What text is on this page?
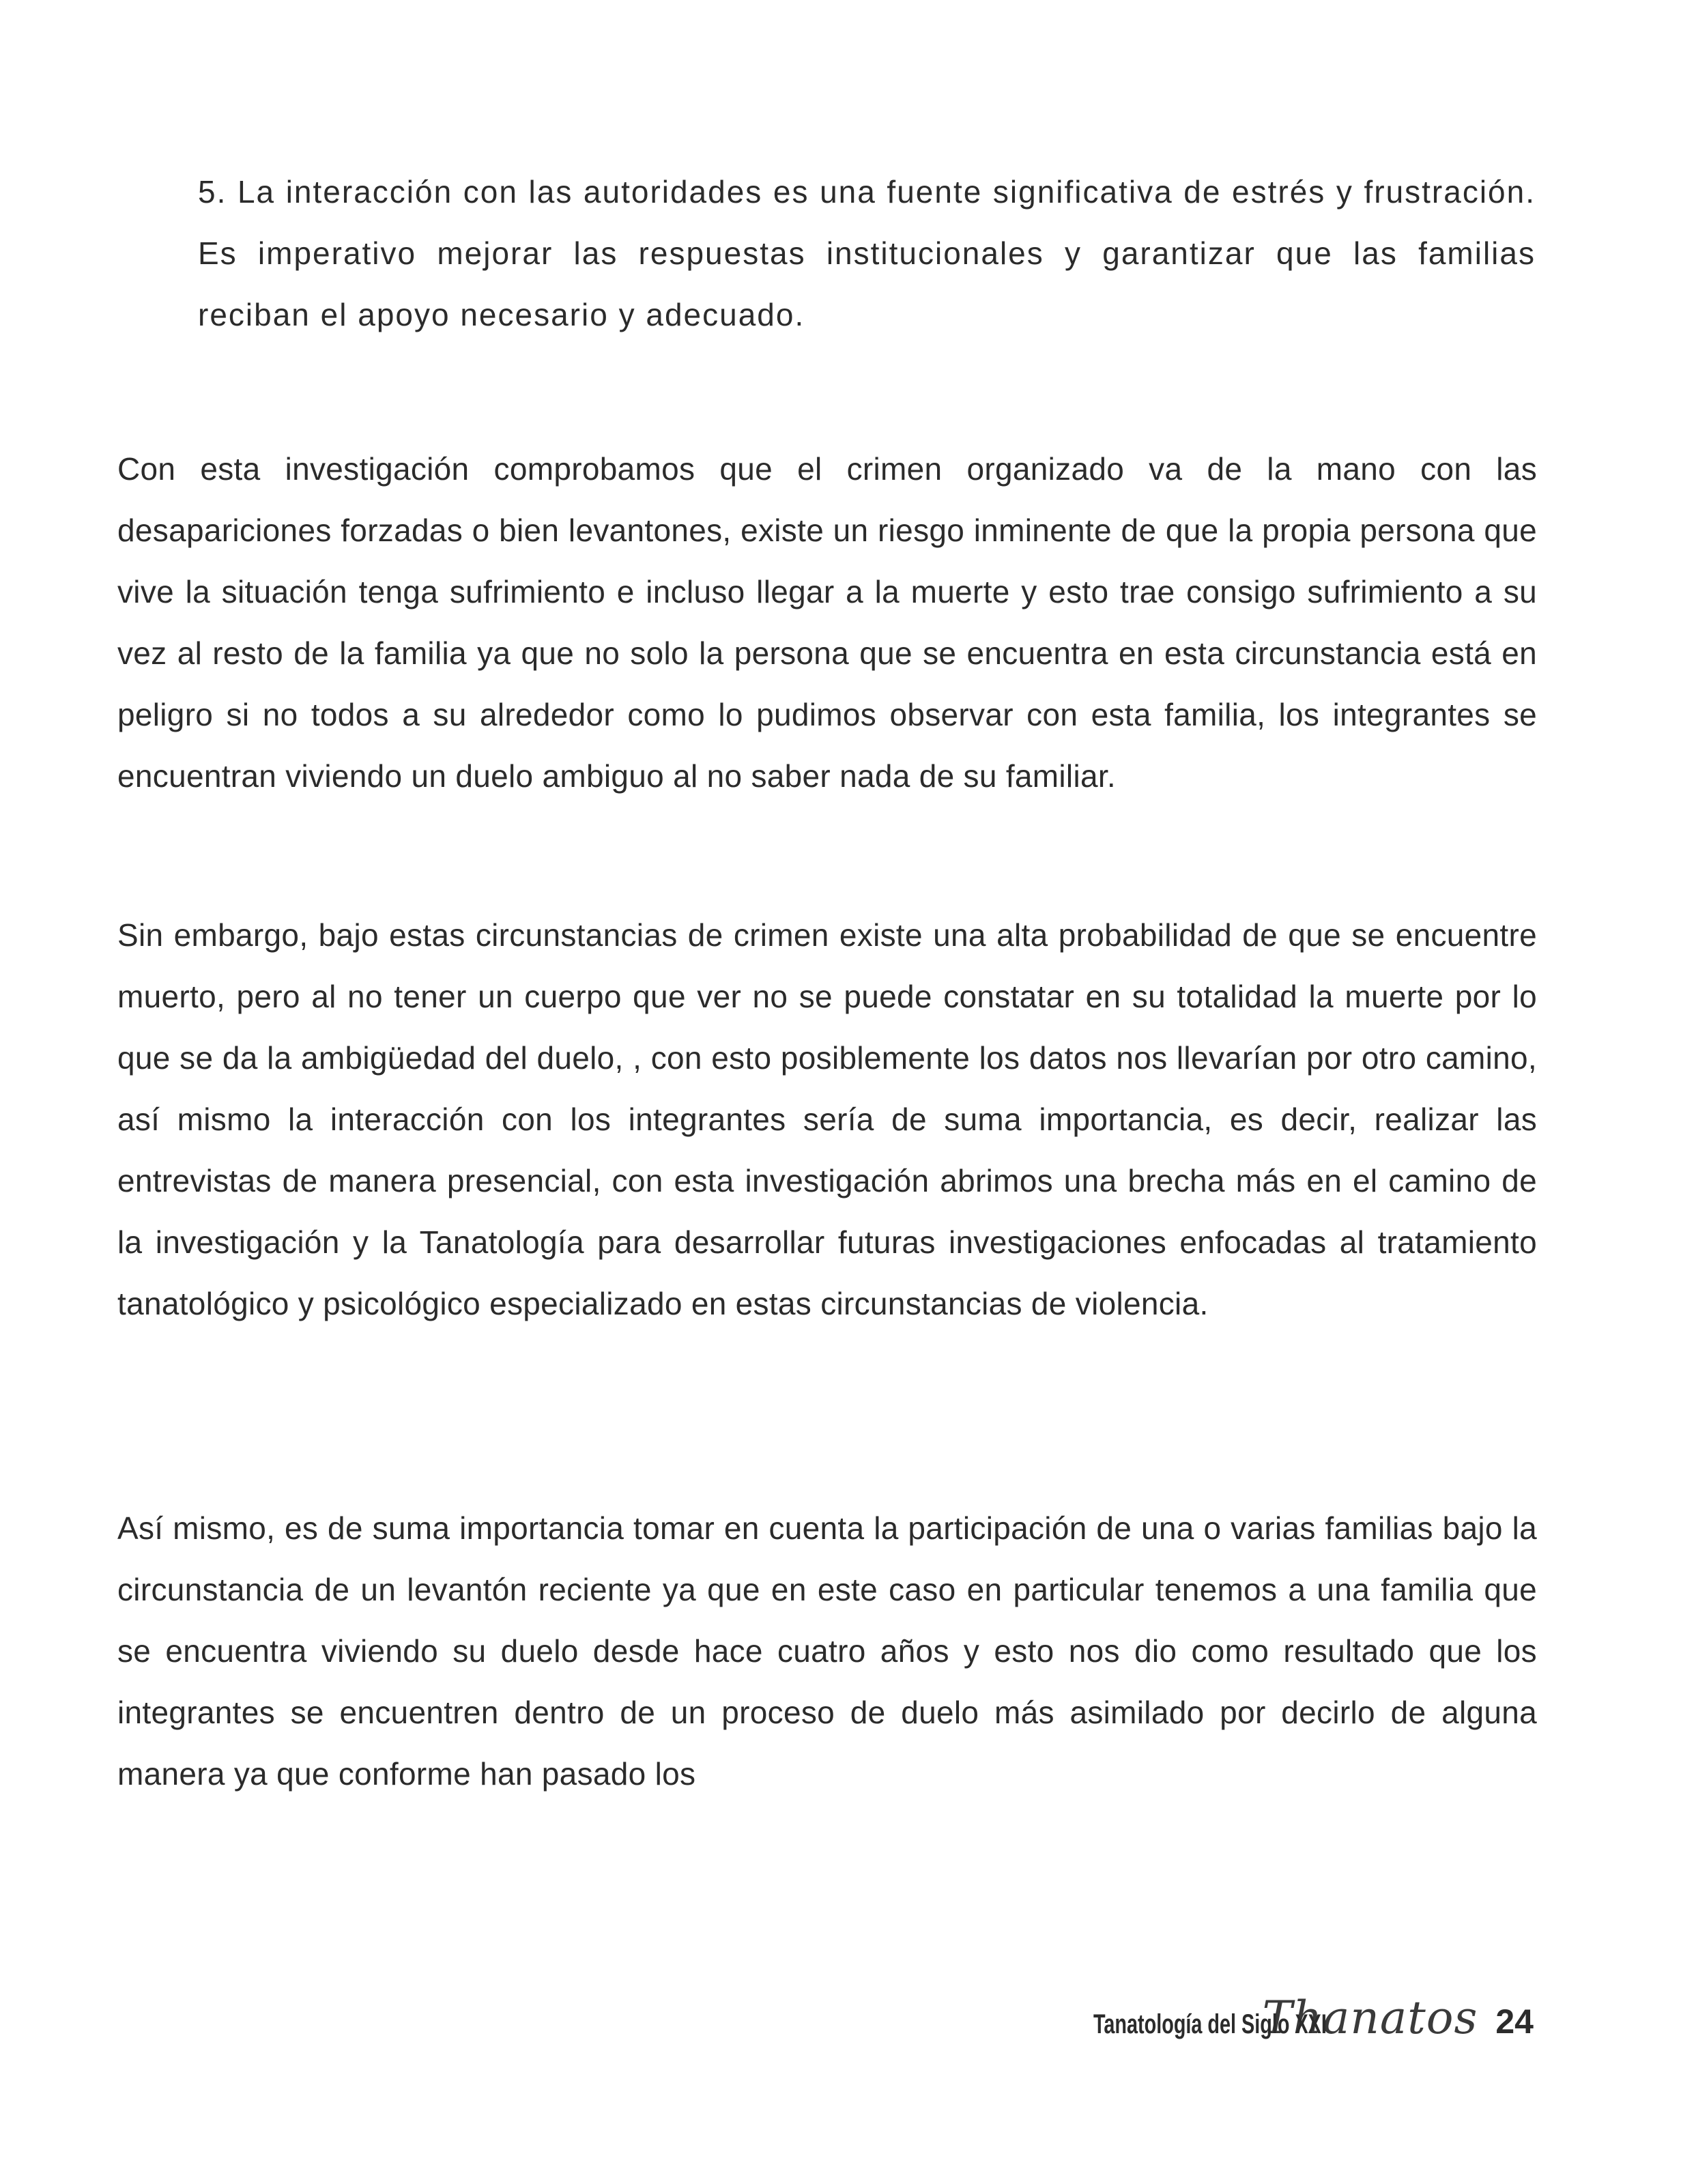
5. La interacción con las autoridades es una fuente significativa de estrés y frustración. Es imperativo mejorar las respuestas institucionales y garantizar que las familias reciban el apoyo necesario y adecuado.

Con esta investigación comprobamos que el crimen organizado va de la mano con las desapariciones forzadas o bien levantones, existe un riesgo inminente de que la propia persona que vive la situación tenga sufrimiento e incluso llegar a la muerte y esto trae consigo sufrimiento a su vez al resto de la familia ya que no solo la persona que se encuentra en esta circunstancia está en peligro si no todos a su alrededor como lo pudimos observar con esta familia, los integrantes se encuentran viviendo un duelo ambiguo al no saber nada de su familiar.

Sin embargo, bajo estas circunstancias de crimen existe una alta probabilidad de que se encuentre muerto, pero al no tener un cuerpo que ver no se puede constatar en su totalidad la muerte por lo que se da la ambigüedad del duelo, , con esto posiblemente los datos nos llevarían por otro camino, así mismo la interacción con los integrantes sería de suma importancia, es decir, realizar las entrevistas de manera presencial, con esta investigación abrimos una brecha más en el camino de la investigación y la Tanatología para desarrollar futuras investigaciones enfocadas al tratamiento tanatológico y psicológico especializado en estas circunstancias de violencia.

Así mismo, es de suma importancia tomar en cuenta la participación de una o varias familias bajo la circunstancia de un levantón reciente ya que en este caso en particular tenemos a una familia que se encuentra viviendo su duelo desde hace cuatro años y esto nos dio como resultado que los integrantes se encuentren dentro de un proceso de duelo más asimilado por decirlo de alguna manera ya que conforme han pasado los

Tanatología del Siglo XXI
Thanatos 24
